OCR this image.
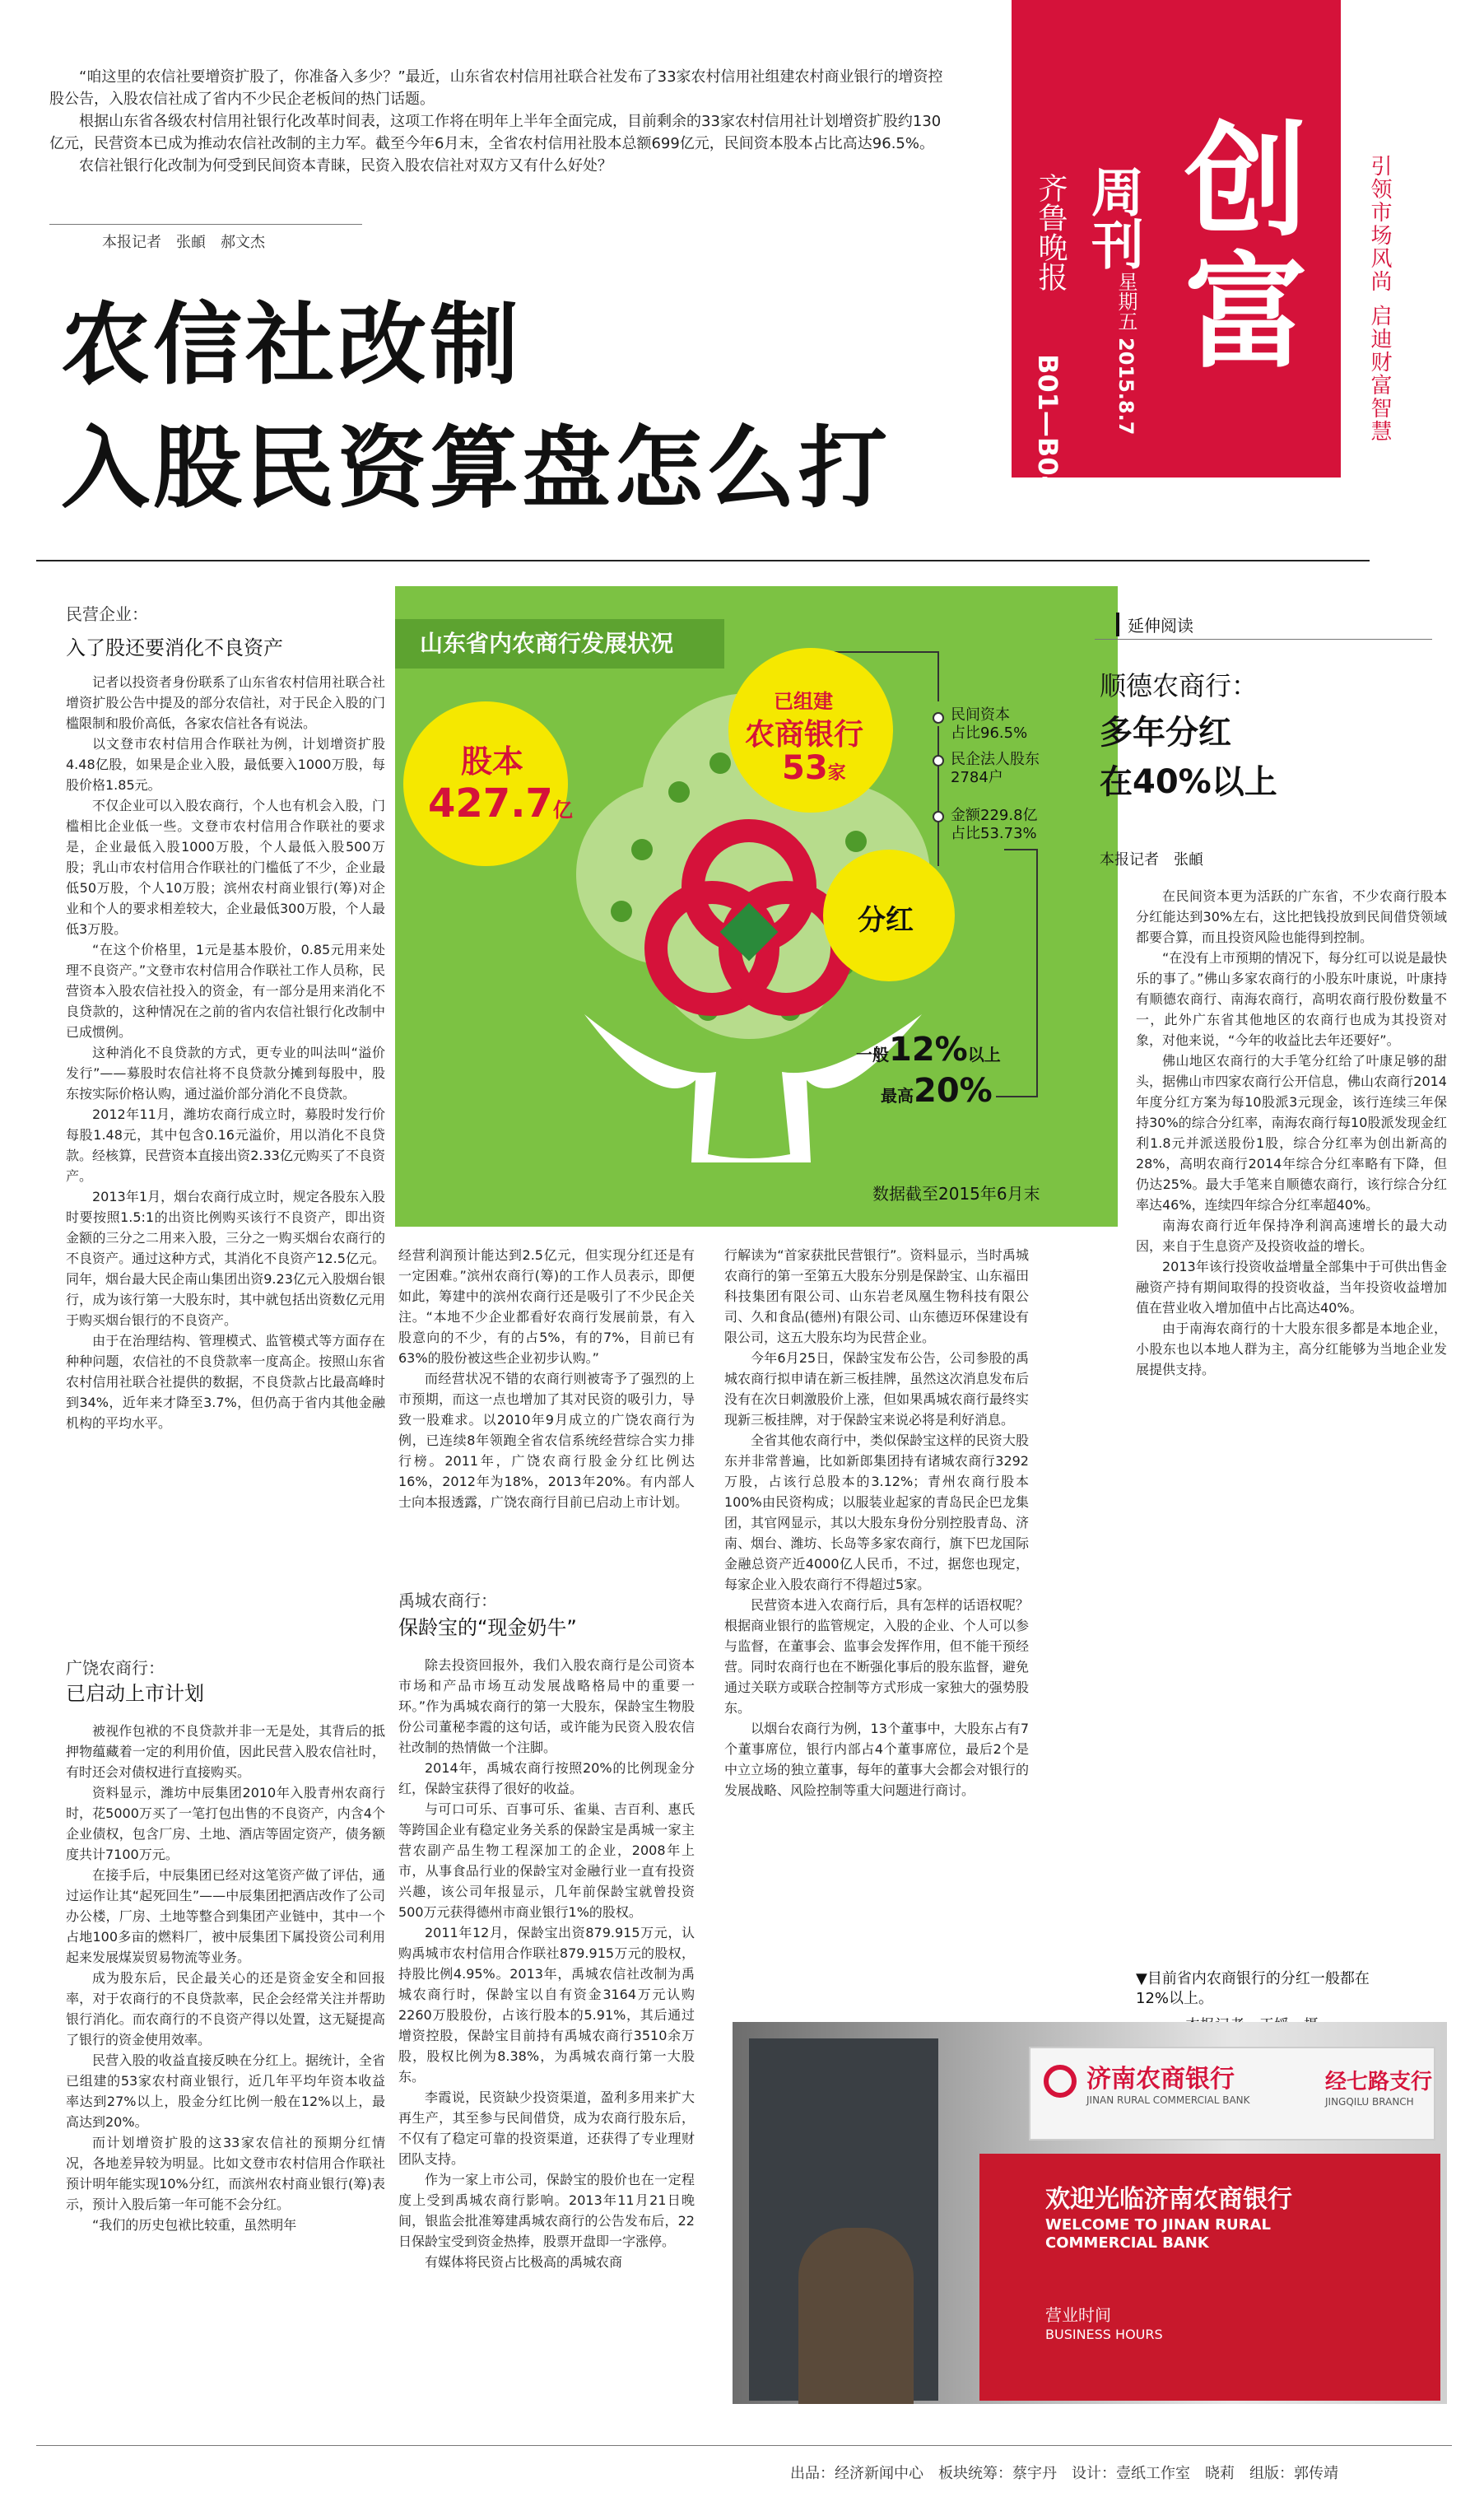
创富
周刊
齐鲁晚报
星期五
2015.8.7
B01—B04
引领市场风尚
启迪财富智慧

“咱这里的农信社要增资扩股了，你准备入多少？”最近，山东省农村信用社联合社发布了33家农村信用社组建农村商业银行的增资控股公告，入股农信社成了省内不少民企老板间的热门话题。

根据山东省各级农村信用社银行化改革时间表，这项工作将在明年上半年全面完成，目前剩余的33家农村信用社计划增资扩股约130亿元，民营资本已成为推动农信社改制的主力军。截至今年6月末，全省农村信用社股本总额699亿元，民间资本股本占比高达96.5%。

农信社银行化改制为何受到民间资本青睐，民资入股农信社对双方又有什么好处？

本报记者　张頔　郝文杰
农信社改制
入股民资算盘怎么打
山东省内农商行发展状况
股本
427.7亿
已组建
农商银行
53家
民间资本
占比96.5%
民企法人股东
2784户
金额229.8亿
占比53.73%
分红
一般12%以上
最高20%
数据截至2015年6月末
民营企业：
入了股还要消化不良资产

记者以投资者身份联系了山东省农村信用社联合社增资扩股公告中提及的部分农信社，对于民企入股的门槛限制和股价高低，各家农信社各有说法。

以文登市农村信用合作联社为例，计划增资扩股4.48亿股，如果是企业入股，最低要入1000万股，每股价格1.85元。

不仅企业可以入股农商行，个人也有机会入股，门槛相比企业低一些。文登市农村信用合作联社的要求是，企业最低入股1000万股，个人最低入股500万股；乳山市农村信用合作联社的门槛低了不少，企业最低50万股，个人10万股；滨州农村商业银行(筹)对企业和个人的要求相差较大，企业最低300万股，个人最低3万股。

“在这个价格里，1元是基本股价，0.85元用来处理不良资产。”文登市农村信用合作联社工作人员称，民营资本入股农信社投入的资金，有一部分是用来消化不良贷款的，这种情况在之前的省内农信社银行化改制中已成惯例。

这种消化不良贷款的方式，更专业的叫法叫“溢价发行”——募股时农信社将不良贷款分摊到每股中，股东按实际价格认购，通过溢价部分消化不良贷款。

2012年11月，潍坊农商行成立时，募股时发行价每股1.48元，其中包含0.16元溢价，用以消化不良贷款。经核算，民营资本直接出资2.33亿元购买了不良资产。

2013年1月，烟台农商行成立时，规定各股东入股时要按照1.5:1的出资比例购买该行不良资产，即出资金额的三分之二用来入股，三分之一购买烟台农商行的不良资产。通过这种方式，其消化不良资产12.5亿元。同年，烟台最大民企南山集团出资9.23亿元入股烟台银行，成为该行第一大股东时，其中就包括出资数亿元用于购买烟台银行的不良资产。

由于在治理结构、管理模式、监管模式等方面存在种种问题，农信社的不良贷款率一度高企。按照山东省农村信用社联合社提供的数据，不良贷款占比最高峰时到34%，近年来才降至3.7%，但仍高于省内其他金融机构的平均水平。

广饶农商行：
已启动上市计划

被视作包袱的不良贷款并非一无是处，其背后的抵押物蕴藏着一定的利用价值，因此民营入股农信社时，有时还会对债权进行直接购买。

资料显示，潍坊中辰集团2010年入股青州农商行时，花5000万买了一笔打包出售的不良资产，内含4个企业债权，包含厂房、土地、酒店等固定资产，债务额度共计7100万元。

在接手后，中辰集团已经对这笔资产做了评估，通过运作让其“起死回生”——中辰集团把酒店改作了公司办公楼，厂房、土地等整合到集团产业链中，其中一个占地100多亩的燃料厂，被中辰集团下属投资公司利用起来发展煤炭贸易物流等业务。

成为股东后，民企最关心的还是资金安全和回报率，对于农商行的不良贷款率，民企会经常关注并帮助银行消化。而农商行的不良资产得以处置，这无疑提高了银行的资金使用效率。

民营入股的收益直接反映在分红上。据统计，全省已组建的53家农村商业银行，近几年平均年资本收益率达到27%以上，股金分红比例一般在12%以上，最高达到20%。

而计划增资扩股的这33家农信社的预期分红情况，各地差异较为明显。比如文登市农村信用合作联社预计明年能实现10%分红，而滨州农村商业银行(筹)表示，预计入股后第一年可能不会分红。

“我们的历史包袱比较重，虽然明年

经营利润预计能达到2.5亿元，但实现分红还是有一定困难。”滨州农商行(筹)的工作人员表示，即便如此，筹建中的滨州农商行还是吸引了不少民企关注。“本地不少企业都看好农商行发展前景，有入股意向的不少，有的占5%，有的7%，目前已有63%的股份被这些企业初步认购。”

而经营状况不错的农商行则被寄予了强烈的上市预期，而这一点也增加了其对民资的吸引力，导致一股难求。以2010年9月成立的广饶农商行为例，已连续8年领跑全省农信系统经营综合实力排行榜。2011年，广饶农商行股金分红比例达16%，2012年为18%，2013年20%。有内部人士向本报透露，广饶农商行目前已启动上市计划。

禹城农商行：
保龄宝的“现金奶牛”

除去投资回报外，我们入股农商行是公司资本市场和产品市场互动发展战略格局中的重要一环。”作为禹城农商行的第一大股东，保龄宝生物股份公司董秘李霞的这句话，或许能为民资入股农信社改制的热情做一个注脚。

2014年，禹城农商行按照20%的比例现金分红，保龄宝获得了很好的收益。

与可口可乐、百事可乐、雀巢、吉百利、惠氏等跨国企业有稳定业务关系的保龄宝是禹城一家主营农副产品生物工程深加工的企业，2008年上市，从事食品行业的保龄宝对金融行业一直有投资兴趣，该公司年报显示，几年前保龄宝就曾投资500万元获得德州市商业银行1%的股权。

2011年12月，保龄宝出资879.915万元，认购禹城市农村信用合作联社879.915万元的股权，持股比例4.95%。2013年，禹城农信社改制为禹城农商行时，保龄宝以自有资金3164万元认购2260万股股份，占该行股本的5.91%，其后通过增资控股，保龄宝目前持有禹城农商行3510余万股，股权比例为8.38%，为禹城农商行第一大股东。

李霞说，民资缺少投资渠道，盈利多用来扩大再生产，其至参与民间借贷，成为农商行股东后，不仅有了稳定可靠的投资渠道，还获得了专业理财团队支持。

作为一家上市公司，保龄宝的股价也在一定程度上受到禹城农商行影响。2013年11月21日晚间，银监会批准筹建禹城农商行的公告发布后，22日保龄宝受到资金热捧，股票开盘即一字涨停。

有媒体将民资占比极高的禹城农商

行解读为“首家获批民营银行”。资料显示，当时禹城农商行的第一至第五大股东分别是保龄宝、山东福田科技集团有限公司、山东岩老凤凰生物科技有限公司、久和食品(德州)有限公司、山东德迈环保建设有限公司，这五大股东均为民营企业。

今年6月25日，保龄宝发布公告，公司参股的禹城农商行拟申请在新三板挂牌，虽然这次消息发布后没有在次日刺激股价上涨，但如果禹城农商行最终实现新三板挂牌，对于保龄宝来说必将是利好消息。

全省其他农商行中，类似保龄宝这样的民资大股东并非常普遍，比如新郎集团持有诸城农商行3292万股，占该行总股本的3.12%；青州农商行股本100%由民资构成；以服装业起家的青岛民企巴龙集团，其官网显示，其以大股东身份分别控股青岛、济南、烟台、潍坊、长岛等多家农商行，旗下巴龙国际金融总资产近4000亿人民币，不过，据您也现定，每家企业入股农商行不得超过5家。

民营资本进入农商行后，具有怎样的话语权呢？根据商业银行的监管规定，入股的企业、个人可以参与监督，在董事会、监事会发挥作用，但不能干预经营。同时农商行也在不断强化事后的股东监督，避免通过关联方或联合控制等方式形成一家独大的强势股东。

以烟台农商行为例，13个董事中，大股东占有7个董事席位，银行内部占4个董事席位，最后2个是中立立场的独立董事，每年的董事大会都会对银行的发展战略、风险控制等重大问题进行商讨。

▼目前省内农商银行的分红一般都在12%以上。
济南农商银行
JINAN RURAL COMMERCIAL BANK
经七路支行
JINGQILU BRANCH
欢迎光临济南农商银行
WELCOME TO JINAN RURAL COMMERCIAL BANK
营业时间
BUSINESS HOURS
延伸阅读
顺德农商行：
多年分红
在40%以上
本报记者　张頔

在民间资本更为活跃的广东省，不少农商行股本分红能达到30%左右，这比把钱投放到民间借贷领域都要合算，而且投资风险也能得到控制。

“在没有上市预期的情况下，每分红可以说是最快乐的事了。”佛山多家农商行的小股东叶康说，叶康持有顺德农商行、南海农商行，高明农商行股份数量不一，此外广东省其他地区的农商行也成为其投资对象，对他来说，“今年的收益比去年还要好”。

佛山地区农商行的大手笔分红给了叶康足够的甜头，据佛山市四家农商行公开信息，佛山农商行2014年度分红方案为每10股派3元现金，该行连续三年保持30%的综合分红率，南海农商行每10股派发现金红利1.8元并派送股份1股，综合分红率为创出新高的28%，高明农商行2014年综合分红率略有下降，但仍达25%。最大手笔来自顺德农商行，该行综合分红率达46%，连续四年综合分红率超40%。

南海农商行近年保持净利润高速增长的最大动因，来自于生息资产及投资收益的增长。

2013年该行投资收益增量全部集中于可供出售金融资产持有期间取得的投资收益，当年投资收益增加值在营业收入增加值中占比高达40%。

由于南海农商行的十大股东很多都是本地企业，小股东也以本地人群为主，高分红能够为当地企业发展提供支持。

出品：经济新闻中心　板块统筹：蔡宇丹　设计：壹纸工作室　晓莉　组版：郭传靖
